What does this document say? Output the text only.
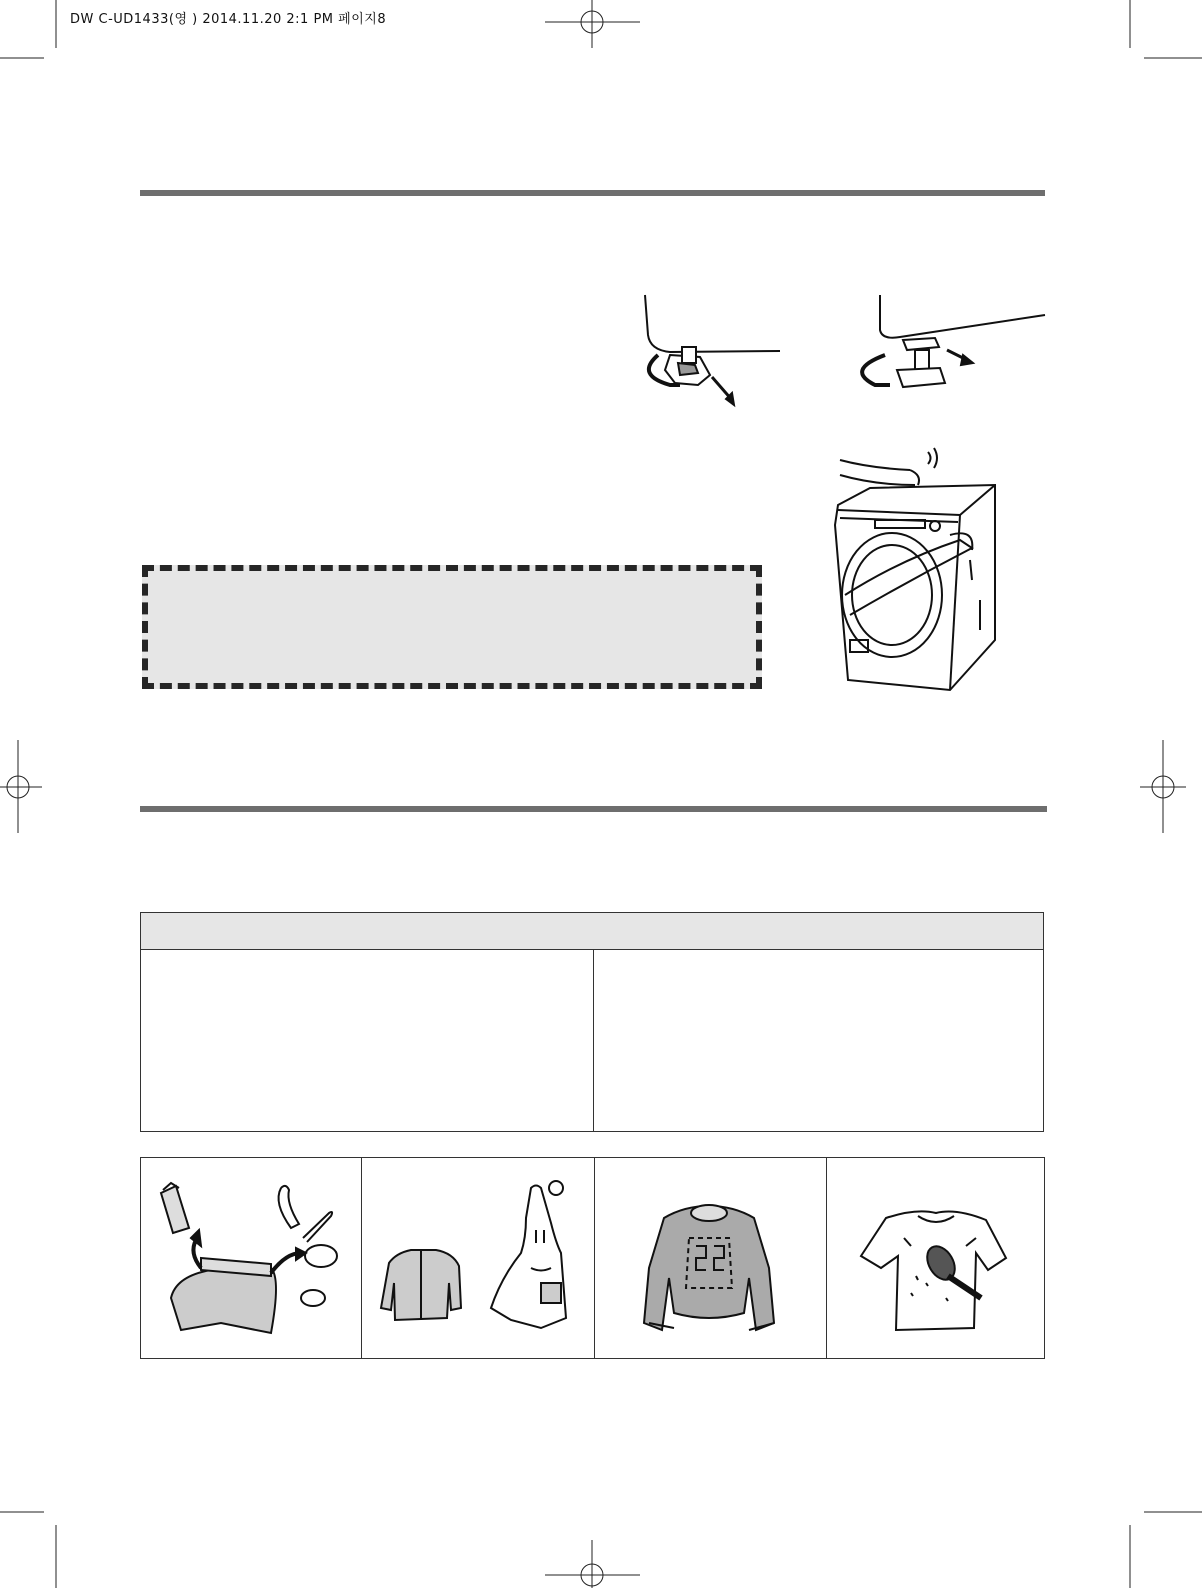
DW C-UD1433(영 ) 2014.11.20 2:1 PM 페이지8
